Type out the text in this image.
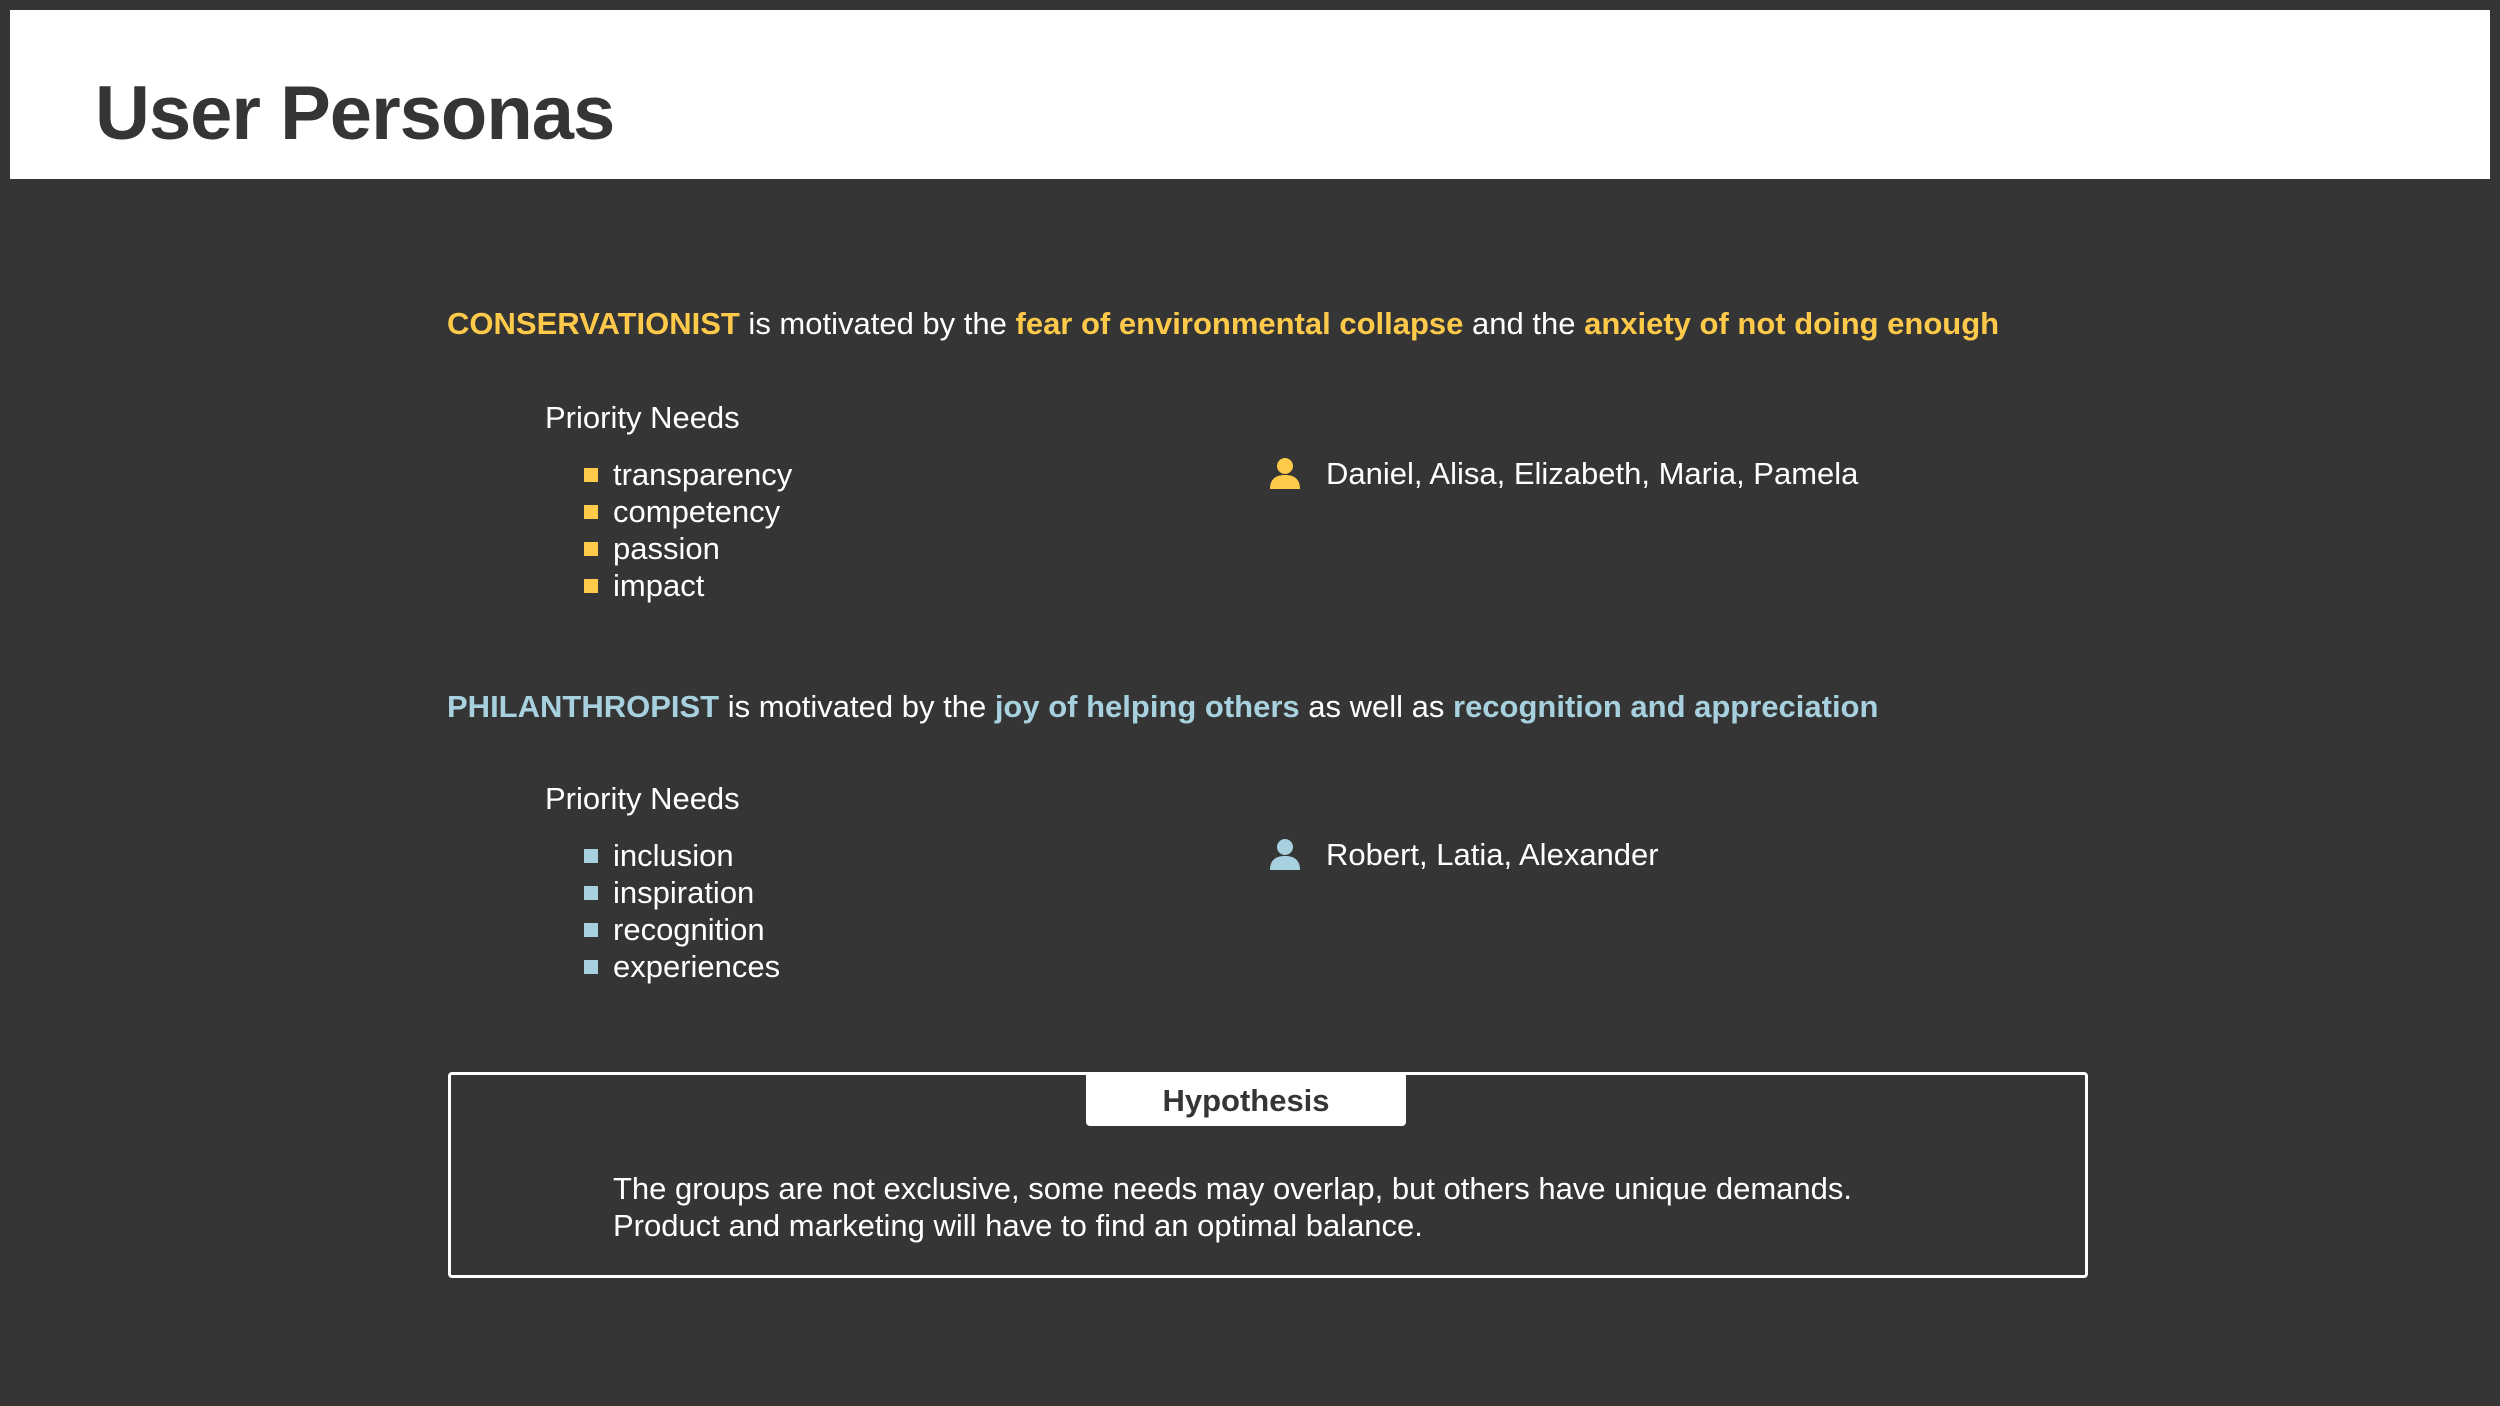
User Personas
CONSERVATIONIST is motivated by the fear of environmental collapse and the anxiety of not doing enough
Priority Needs
transparency
competency
passion
impact
Daniel, Alisa, Elizabeth, Maria, Pamela
PHILANTHROPIST is motivated by the joy of helping others as well as recognition and appreciation
Priority Needs
inclusion
inspiration
recognition
experiences
Robert, Latia, Alexander
Hypothesis
The groups are not exclusive, some needs may overlap, but others have unique demands.
Product and marketing will have to find an optimal balance.
